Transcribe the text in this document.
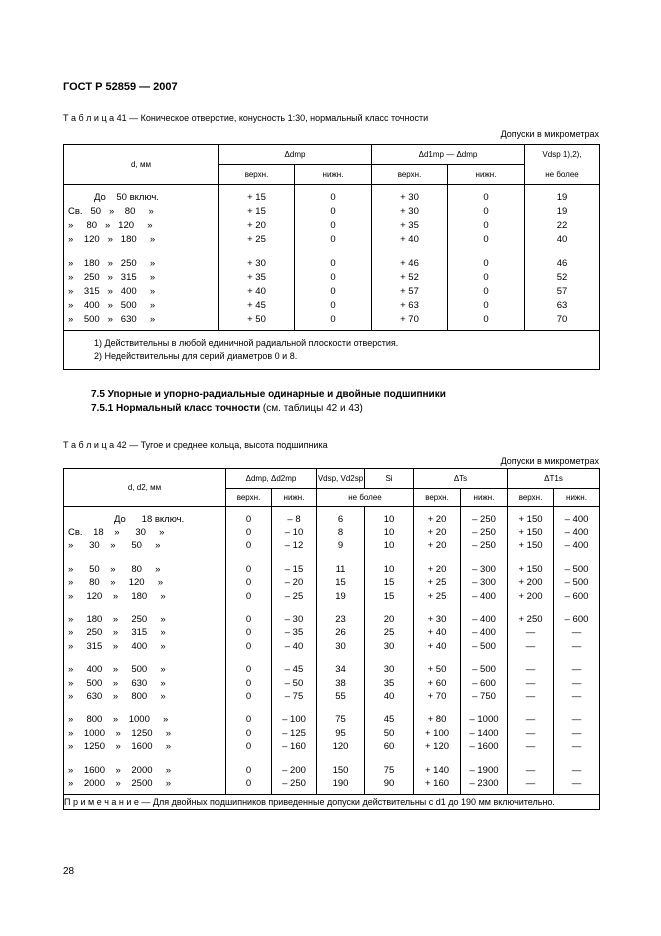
ГОСТ Р 52859 — 2007
Т а б л и ц а 41 — Коническое отверстие, конусность 1:30, нормальный класс точности
Допуски в микрометрах
d, мм	Δdmp		Δd1mp — Δdmp		Vdsp 1),2),
	верхн.	нижн.	верхн.	нижн.	не более

До    50 включ.	+ 15	0	+ 30	0	19
Св.   50   »    80     »	+ 15	0	+ 30	0	19
»     80   »   120     »	+ 20	0	+ 35	0	22
»    120   »   180     »	+ 25	0	+ 40	0	40

»    180   »   250     »	+ 30	0	+ 46	0	46
»    250   »   315     »	+ 35	0	+ 52	0	52
»    315   »   400     »	+ 40	0	+ 57	0	57
»    400   »   500     »	+ 45	0	+ 63	0	63
»    500   »   630     »	+ 50	0	+ 70	0	70

1) Действительны в любой единичной радиальной плоскости отверстия.
2) Недействительны для серий диаметров 0 и 8.					
7.5 Упорные и упорно-радиальные одинарные и двойные подшипники
7.5.1 Нормальный класс точности (см. таблицы 42 и 43)
Т а б л и ц а 42 — Тугое и среднее кольца, высота подшипника
Допуски в микрометрах
d, d2, мм	Δdmp, Δd2mp		Vdsp, Vd2sp	Si	ΔTs		ΔT1s	
	верхн.	нижн.	не более		верхн.	нижн.	верхн.	нижн.

До      18 включ.	0	– 8	6	10	+ 20	– 250	+ 150	– 400
Св.    18    »      30     »	0	– 10	8	10	+ 20	– 250	+ 150	– 400
»      30    »      50     »	0	– 12	9	10	+ 20	– 250	+ 150	– 400

»      50    »      80     »	0	– 15	11	10	+ 20	– 300	+ 150	– 500
»      80    »     120     »	0	– 20	15	15	+ 25	– 300	+ 200	– 500
»     120    »     180     »	0	– 25	19	15	+ 25	– 400	+ 200	– 600

»     180    »     250     »	0	– 30	23	20	+ 30	– 400	+ 250	– 600
»     250    »     315     »	0	– 35	26	25	+ 40	– 400	—	—
»     315    »     400     »	0	– 40	30	30	+ 40	– 500	—	—

»     400    »     500     »	0	– 45	34	30	+ 50	– 500	—	—
»     500    »     630     »	0	– 50	38	35	+ 60	– 600	—	—
»     630    »     800     »	0	– 75	55	40	+ 70	– 750	—	—

»     800    »    1000     »	0	– 100	75	45	+ 80	– 1000	—	—
»    1000    »    1250     »	0	– 125	95	50	+ 100	– 1400	—	—
»    1250    »    1600     »	0	– 160	120	60	+ 120	– 1600	—	—

»    1600    »    2000     »	0	– 200	150	75	+ 140	– 1900	—	—
»    2000    »    2500     »	0	– 250	190	90	+ 160	– 2300	—	—

П р и м е ч а н и е — Для двойных подшипников приведенные допуски действительны с d1 до 190 мм включительно.								
28
